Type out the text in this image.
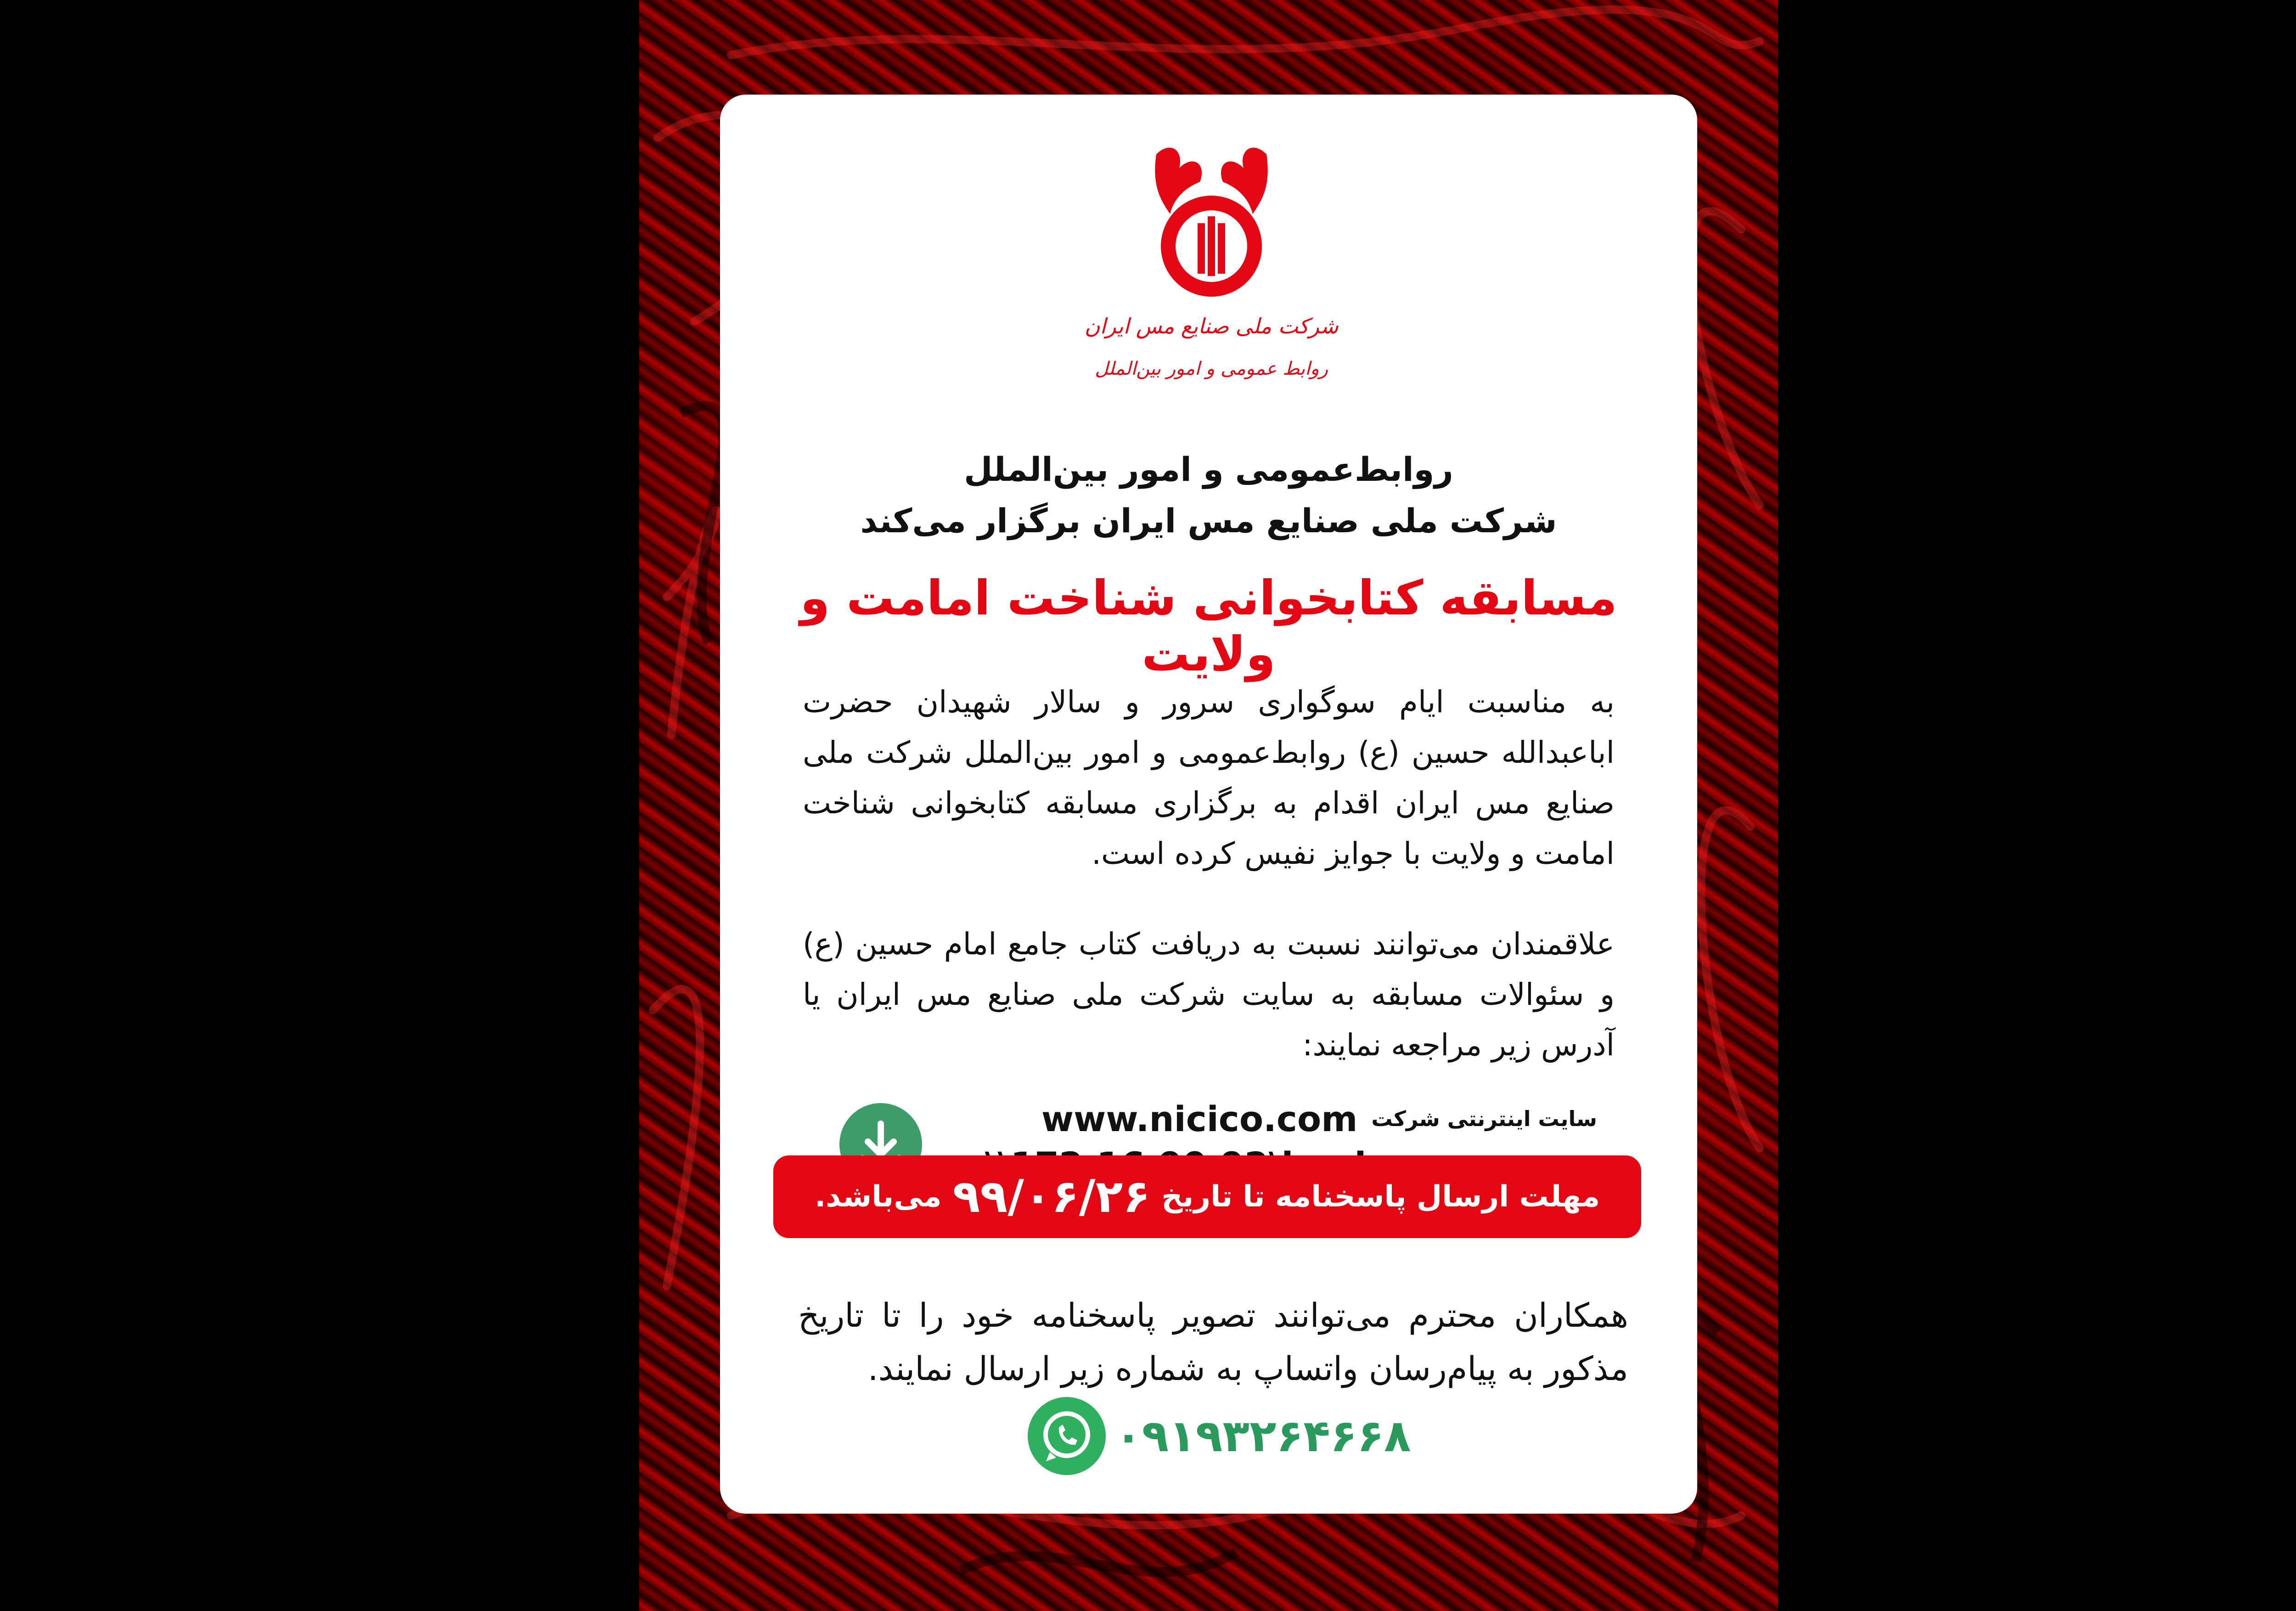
شرکت ملی صنایع مس ایران
روابط عمومی و امور بین‌الملل
روابط‌عمومی و امور بین‌الملل
شرکت ملی صنایع مس ایران برگزار می‌کند
مسابقه کتابخوانی شناخت امامت و ولایت
به مناسبت ایام سوگواری سرور و سالار شهیدان حضرت اباعبدالله حسین (ع) روابط‌عمومی و امور بین‌الملل شرکت ملی صنایع مس ایران اقدام به برگزاری مسابقه کتابخوانی شناخت امامت و ولایت با جوایز نفیس کرده است.
علاقمندان می‌توانند نسبت به دریافت کتاب جامع امام حسین (ع) و سئوالات مسابقه به سایت شرکت ملی صنایع مس ایران یا آدرس زیر مراجعه نمایند:
سایت اینترنتی شرکت
www.nicico.com
مهلت ارسال پاسخنامه تا تاریخ
۹۹/۰۶/۲۶
می‌باشد.
همکاران محترم می‌توانند تصویر پاسخنامه خود را تا تاریخ مذکور به پیام‌رسان واتساپ به شماره زیر ارسال نمایند.
۰۹۱۹۳۲۶۴۶۶۸
